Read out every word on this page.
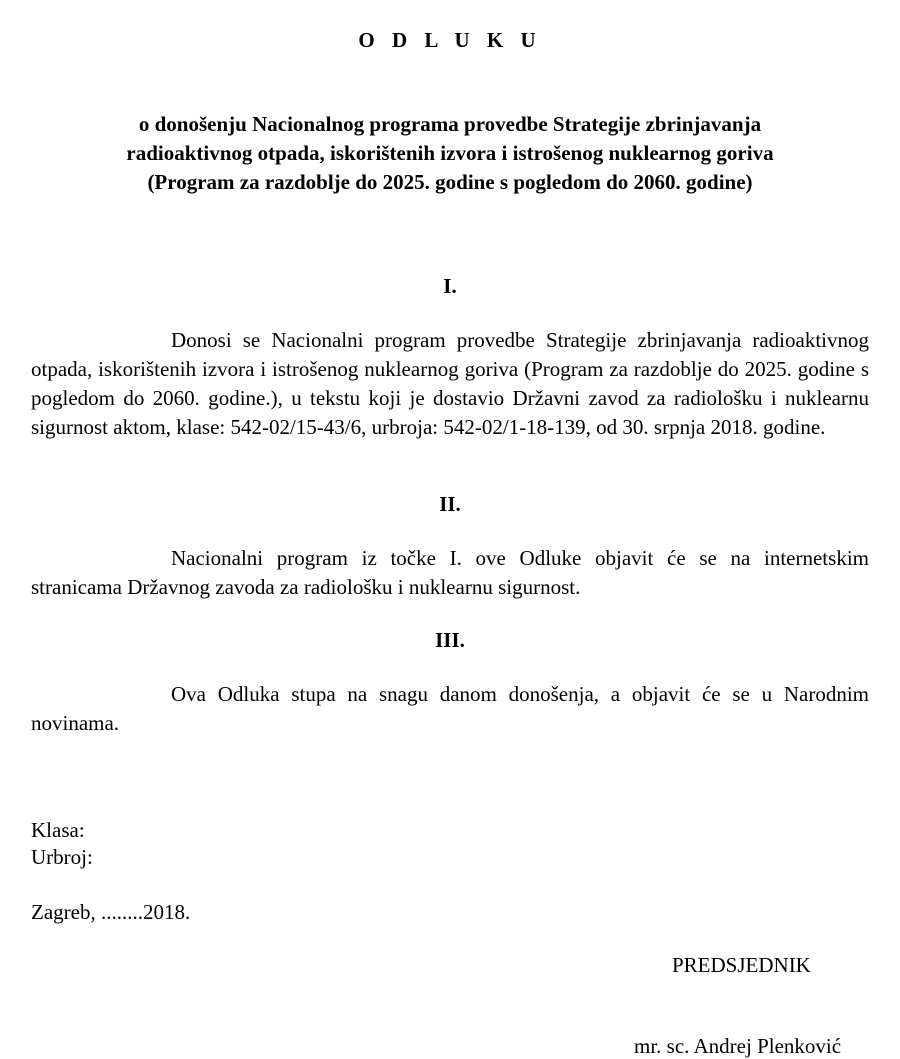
O D L U K U
o donošenju Nacionalnog programa provedbe Strategije zbrinjavanja
radioaktivnog otpada, iskorištenih izvora i istrošenog nuklearnog goriva
(Program za razdoblje do 2025. godine s pogledom do 2060. godine)
I.
Donosi se Nacionalni program provedbe Strategije zbrinjavanja radioaktivnog otpada, iskorištenih izvora i istrošenog nuklearnog goriva (Program za razdoblje do 2025. godine s pogledom do 2060. godine.), u tekstu koji je dostavio Državni zavod za radiološku i nuklearnu sigurnost aktom, klase: 542-02/15-43/6, urbroja: 542-02/1-18-139, od 30. srpnja 2018. godine.
II.
Nacionalni program iz točke I. ove Odluke objavit će se na internetskim stranicama Državnog zavoda za radiološku i nuklearnu sigurnost.
III.
Ova Odluka stupa na snagu danom donošenja, a objavit će se u Narodnim novinama.
Klasa:
Urbroj:
Zagreb, ........2018.
PREDSJEDNIK
mr. sc. Andrej Plenković
